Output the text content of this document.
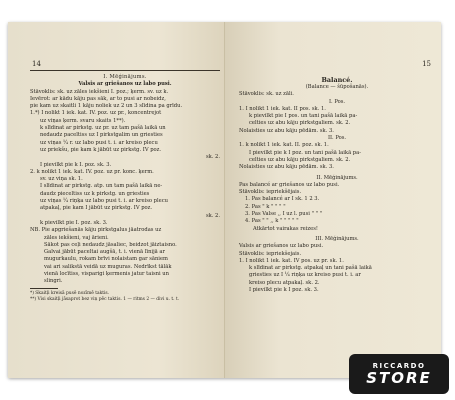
14
I. Mēģinājums.
Valsis ar griešanos uz labo pusi.
Stāvoklis: sk. uz zāles iekšieni I. poz.; ķerm. sv. uz k.
Ievērot: ar kādu kāju pas sāk, ar to pusi ar nobeidz,
pie kam uz skaitli 1 kāju noliek uz 2 un 3 slīdina pa grīdu.
1.*) I nolikt 1 iek. kat. IV. poz. uz pr., koncentrejot
uz viņas ķerm. svaru skaits 1**).
k slīdinat ar pirkstg. uz pr. uz tam pašā laikā un
nedaudz paceltiss uz I pirkstgalim un griesties
uz viņas ¼ r. uz labo pusi t. i. ar kreiso plecu
uz priekšu, pie kam k jābūt uz pirkstg. IV poz.
sk. 2.
I pievilkt pie k I. poz. sk. 3.
2. k nolikt 1 iek. kat. IV. poz. uz pr. konc. ķerm.
sv. uz viņa sk. 1.
I slīdinat ar pirkstg. atp. un tam pašā laikā ne-
daudz pieceltiss uz k pirkstg. un griesties
uz viņas ¼ riņķa uz labo pusi t. i. ar kreiso plecu
atpakaļ, pie kam I jābūt uz pirkstg. IV poz.
sk. 2.
k pievilkt pie I. poz. sk. 3.
NB. Pie apgriešanās kāju pirkstgalus jāatrodas uz
zāles iekšieni, vaj ārieni.
Sākot pas ceļi nedaudz jāsaliec, beidzot jāiztaisno.
Galvai jābūt paceltai augšā, t. i. vienā līnijā ar
mugurkaulu, rokam brīvi nolaistam gar sāniem
vai ari salikstā veidā uz muguras. Nedrīkst tālāk
vienā locītiss, visparigi ķermenis jatur taisni un
slingri.
*) Skaitļi kreisā pusē nozīmē taktis.
**) Visi skaitļi jāsaprot bez viņ pēc taktis. 1 — ritms 2 — divi u. t. t.
15
Balancé.
(Balance — šūpošanās).
Stāvoklis: sk. uz zāli.
I. Pos.
1. I nolikt 1 iek. kat. II pos. sk. 1.
k pievilkt pie I pos. un tani pašā laikā pa-
celties uz abu kāju pirkstgaliem. sk. 2.
Nolaisties uz abu kāju pēdām. sk. 3.
II. Pos.
1. k nolikt 1 iek. kat. II. poz. sk. 1.
I pievilkt pie k I poz. un tani pašā laikā pa-
celties uz abu kāju pirkstgaliem. sk. 2.
Nolaisties uz abu kāju pēdām. sk. 3.
II. Mēģinājums.
Pas balancé ar griešanos uz labo pusi.
Stāvoklis: iepriekšējais.
1. Pas balancé ar I sk. 1 2 3.
2. Pas " k " " " "
3. Pas Valse ,, I uz l. pusi " " "
4. Pas " " ,, k " " " " "
Atkārtot vairakas reizes!
III. Mēģinājums.
Valsis ar griešanos uz labo pusi.
Stāvoklis: iepriekšejais.
1. I nolikt 1 iek. kat. IV pos. uz pr. sk. 1.
k slīdinat ar pirkstg. atpakaļ un tani pašā laikā
griesties uz I ¼ riņķa uz kreiso pusi t. i. ar
kreiso plecu atpakaļ. sk. 2.
I pievilkt pie k I poz. sk. 3.
RICCARDO
STORE
